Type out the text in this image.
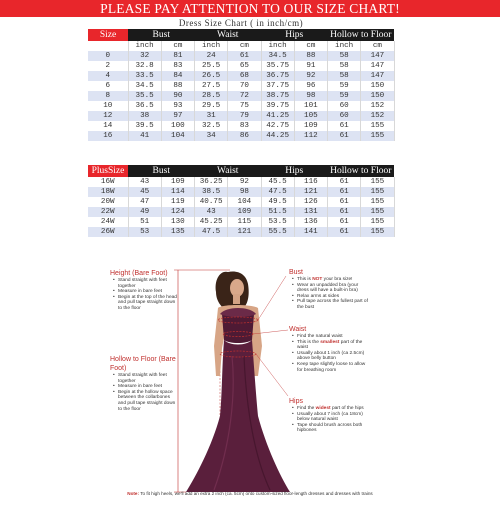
PLEASE PAY ATTENTION TO OUR SIZE CHART!
Dress Size Chart ( in inch/cm)
Size	Bust		Waist		Hips		Hollow to Floor	
	inch	cm	inch	cm	inch	cm	inch	cm
0	32	81	24	61	34.5	88	58	147
2	32.8	83	25.5	65	35.75	91	58	147
4	33.5	84	26.5	68	36.75	92	58	147
6	34.5	88	27.5	70	37.75	96	59	150
8	35.5	90	28.5	72	38.75	98	59	150
10	36.5	93	29.5	75	39.75	101	60	152
12	38	97	31	79	41.25	105	60	152
14	39.5	100	32.5	83	42.75	109	61	155
16	41	104	34	86	44.25	112	61	155
PlusSize	Bust		Waist		Hips		Hollow to Floor	
16W	43	109	36.25	92	45.5	116	61	155
18W	45	114	38.5	98	47.5	121	61	155
20W	47	119	40.75	104	49.5	126	61	155
22W	49	124	43	109	51.5	131	61	155
24W	51	130	45.25	115	53.5	136	61	155
26W	53	135	47.5	121	55.5	141	61	155
Height (Bare Foot)
• Stand straight with feet together
• Measure in bare feet
• Begin at the top of the head and pull tape straight down to the floor
Hollow to Floor (Bare Foot)
• Stand straight with feet together
• Measure in bare feet
• Begin at the hollow space between the collarbones and pull tape straight down to the floor
Bust
• This is NOT your bra size!
• Wear an unpadded bra (your dress will have a built-in bra)
• Relax arms at sides
• Pull tape across the fullest part of the bust
Waist
• Find the natural waist
• This is the smallest part of the waist
• Usually about 1 inch (ca 2.5cm) above belly button
• Keep tape slightly loose to allow for breathing room
Hips
• Find the widest part of the hips
• Usually about 7 inch (ca 18cm) below natural waist
• Tape should brush across both hipbones
Note: To fit high heels, we'll add an extra 2 inch (ca. 5cm) onto custom-sized floor-length dresses and dresses with trains
